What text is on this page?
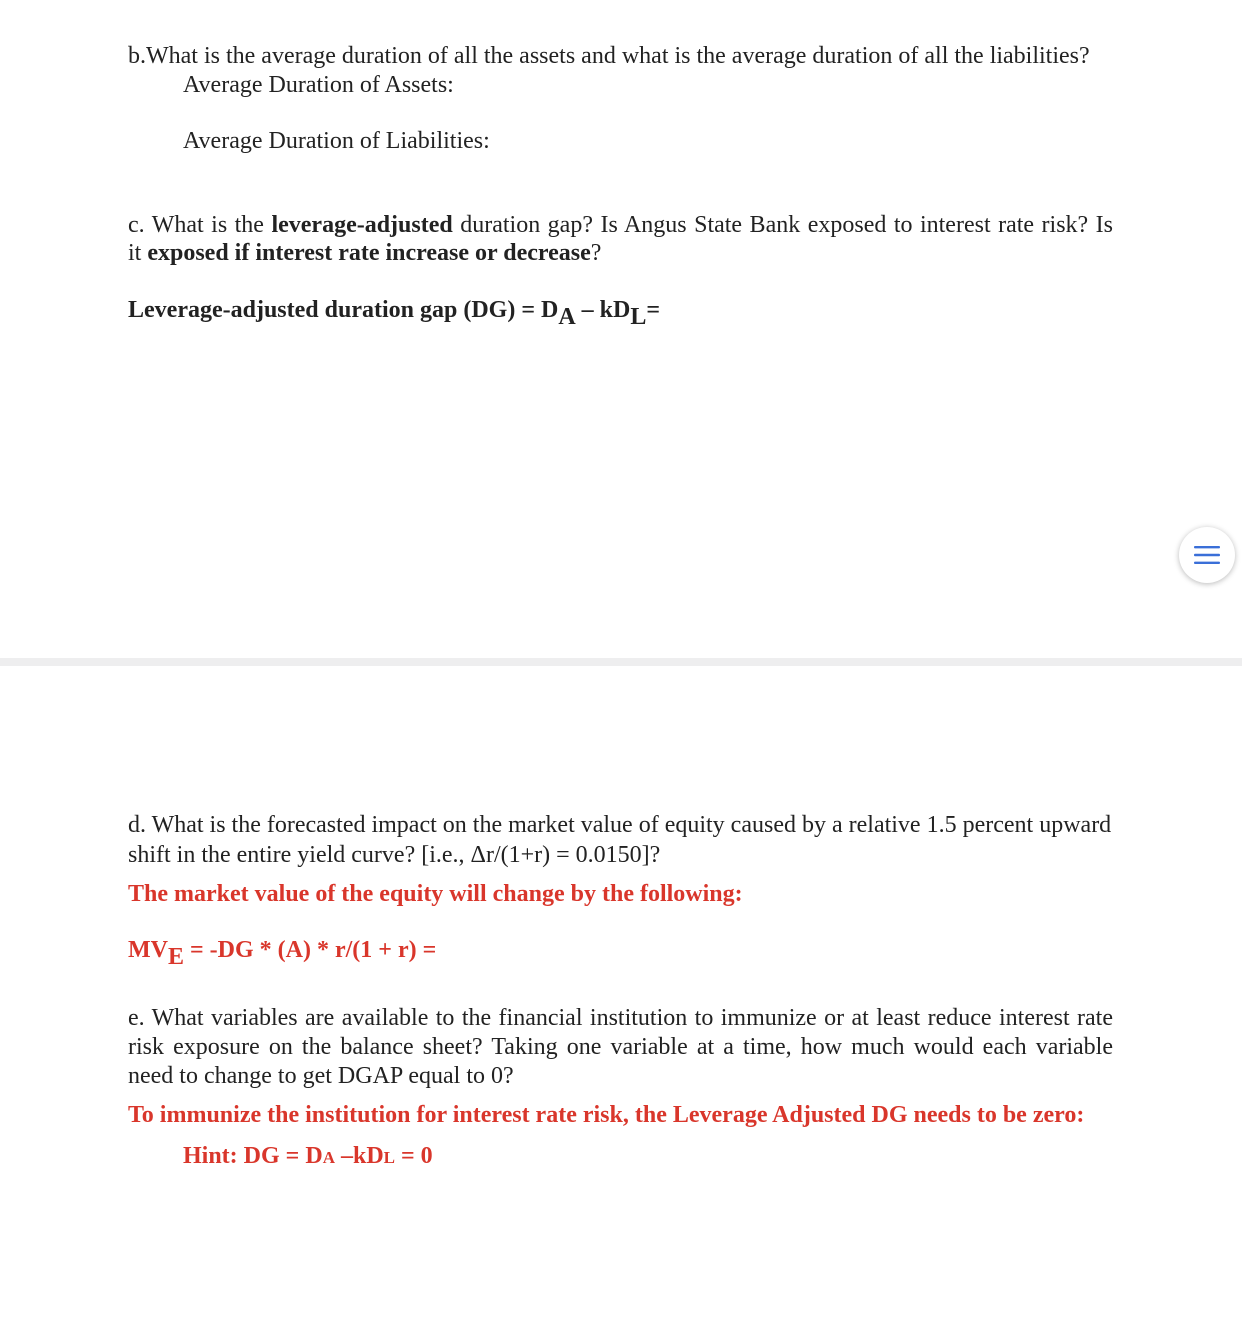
b.What is the average duration of all the assets and what is the average duration of all the liabilities?
Average Duration of Assets:
Average Duration of Liabilities:
c. What is the leverage-adjusted duration gap? Is Angus State Bank exposed to interest rate risk? Is
it exposed if interest rate increase or decrease?
Leverage-adjusted duration gap $(DG) = D_A - kD_L=$
d. What is the forecasted impact on the market value of equity caused by a relative 1.5 percent upward
shift in the entire yield curve? [i.e., Δr/(1+r) = 0.0150]?
The market value of the equity will change by the following:
$MV_E = -DG * (A) * r/(1 + r)$ =
e. What variables are available to the financial institution to immunize or at least reduce interest rate
risk exposure on the balance sheet? Taking one variable at a time, how much would each variable
need to change to get DGAP equal to 0?
To immunize the institution for interest rate risk, the Leverage Adjusted DG needs to be zero:
Hint: DG = DA –kDL = 0
